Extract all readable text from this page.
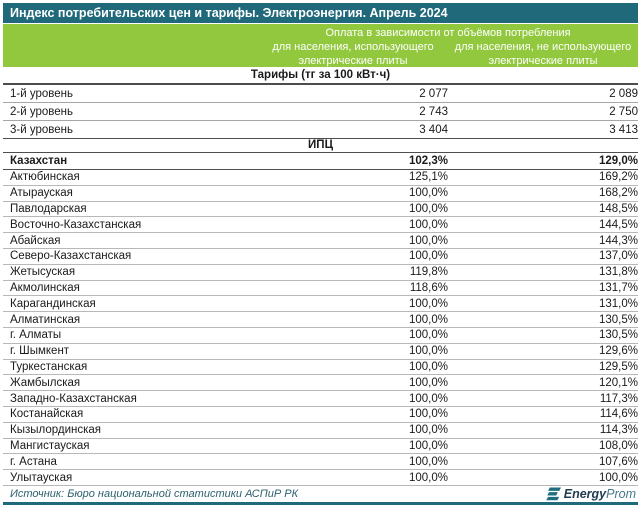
Индекс потребительских цен и тарифы. Электроэнергия. Апрель 2024
Оплата в зависимости от объёмов потребления
для населения, использующего	для населения, не использующего
электрические плиты	электрические плиты
Тарифы (тг за 100 кВт·ч)
1-й уровень	2 077	2 089
2-й уровень	2 743	2 750
3-й уровень	3 404	3 413
ИПЦ
Казахстан	102,3%	129,0%
Актюбинская	125,1%	169,2%
Атырауская	100,0%	168,2%
Павлодарская	100,0%	148,5%
Восточно-Казахстанская	100,0%	144,5%
Абайская	100,0%	144,3%
Северо-Казахстанская	100,0%	137,0%
Жетысуская	119,8%	131,8%
Акмолинская	118,6%	131,7%
Карагандинская	100,0%	131,0%
Алматинская	100,0%	130,5%
г. Алматы	100,0%	130,5%
г. Шымкент	100,0%	129,6%
Туркестанская	100,0%	129,5%
Жамбылская	100,0%	120,1%
Западно-Казахстанская	100,0%	117,3%
Костанайская	100,0%	114,6%
Кызылординская	100,0%	114,3%
Мангистауская	100,0%	108,0%
г. Астана	100,0%	107,6%
Улытауская	100,0%	100,0%
Источник: Бюро национальной статистики АСПиР РК	EnergyProm
